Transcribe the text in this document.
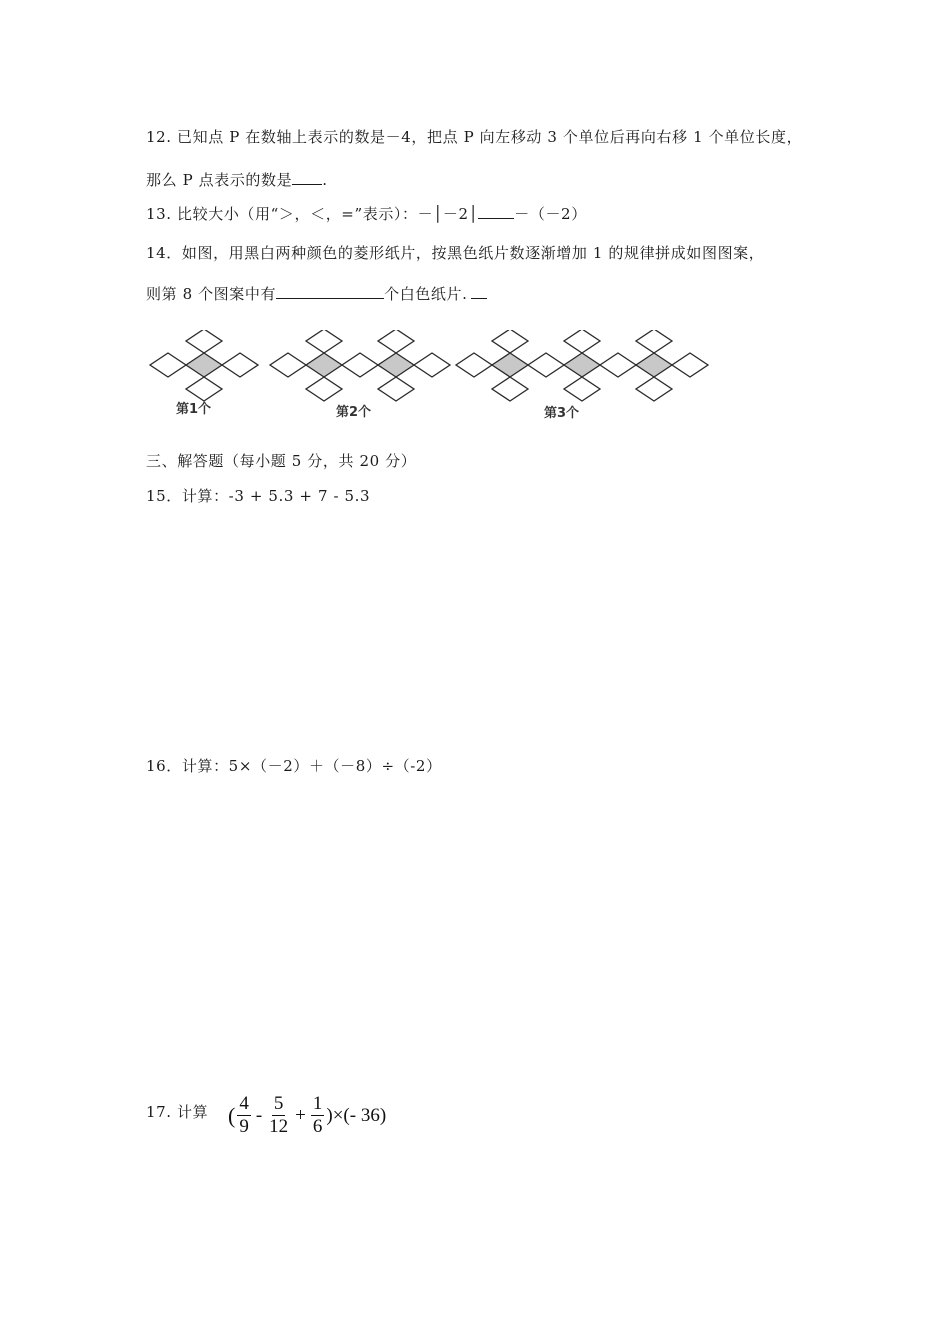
12. 已知点 P 在数轴上表示的数是－4，把点 P 向左移动 3 个单位后再向右移 1 个单位长度，
那么 P 点表示的数是 .
13. 比较大小（用“＞，＜，=”表示）：－│－2│ －（－2）
14．如图，用黑白两种颜色的菱形纸片，按黑色纸片数逐渐增加 1 的规律拼成如图图案，
则第 8 个图案中有	个白色纸片.
第1个	第2个	第3个
三、解答题（每小题 5 分，共 20 分）
15．计算：-3 + 5.3 + 7 - 5.3
16．计算：5×（－2）＋（－8）÷（-2）
17. 计算 ( $\frac{4}{9} - \frac{5}{12} + \frac{1}{6}$ )×(- 36)
